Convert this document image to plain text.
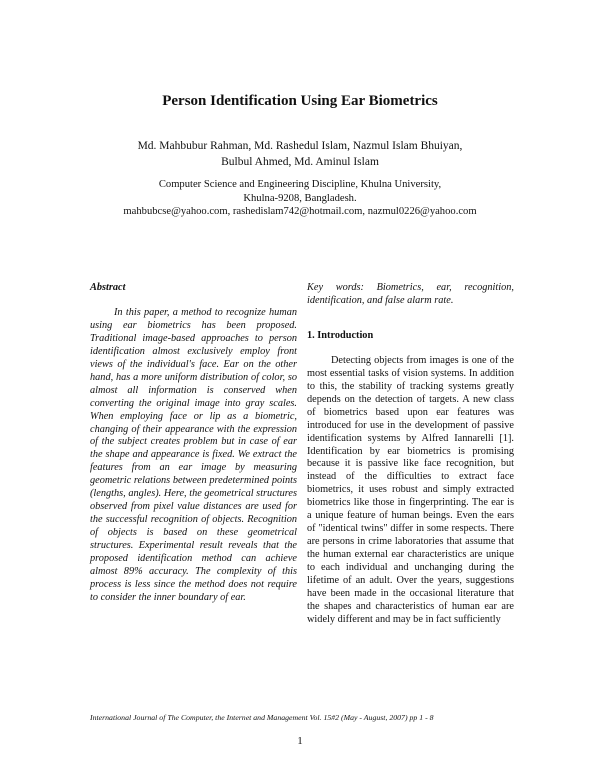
Person Identification Using Ear Biometrics
Md. Mahbubur Rahman, Md. Rashedul Islam, Nazmul Islam Bhuiyan,
Bulbul Ahmed, Md. Aminul Islam
Computer Science and Engineering Discipline, Khulna University,
Khulna-9208, Bangladesh.
mahbubcse@yahoo.com, rashedislam742@hotmail.com, nazmul0226@yahoo.com

Abstract

In this paper, a method to recognize human using ear biometrics has been proposed. Traditional image-based approaches to person identification almost exclusively employ front views of the individual's face. Ear on the other hand, has a more uniform distribution of color, so almost all information is conserved when converting the original image into gray scales. When employing face or lip as a biometric, changing of their appearance with the expression of the subject creates problem but in case of ear the shape and appearance is fixed. We extract the features from an ear image by measuring geometric relations between predetermined points (lengths, angles). Here, the geometrical structures observed from pixel value distances are used for the successful recognition of objects. Recognition of objects is based on these geometrical structures. Experimental result reveals that the proposed identification method can achieve almost 89% accuracy. The complexity of this process is less since the method does not require to consider the inner boundary of ear.

Key words: Biometrics, ear, recognition, identification, and false alarm rate.

1. Introduction

Detecting objects from images is one of the most essential tasks of vision systems. In addition to this, the stability of tracking systems greatly depends on the detection of targets. A new class of biometrics based upon ear features was introduced for use in the development of passive identification systems by Alfred Iannarelli [1]. Identification by ear biometrics is promising because it is passive like face recognition, but instead of the difficulties to extract face biometrics, it uses robust and simply extracted biometrics like those in fingerprinting. The ear is a unique feature of human beings. Even the ears of "identical twins" differ in some respects. There are persons in crime laboratories that assume that the human external ear characteristics are unique to each individual and unchanging during the lifetime of an adult. Over the years, suggestions have been made in the occasional literature that the shapes and characteristics of human ear are widely different and may be in fact sufficiently

International Journal of The Computer, the Internet and Management Vol. 15#2 (May - August, 2007) pp 1 - 8
1
